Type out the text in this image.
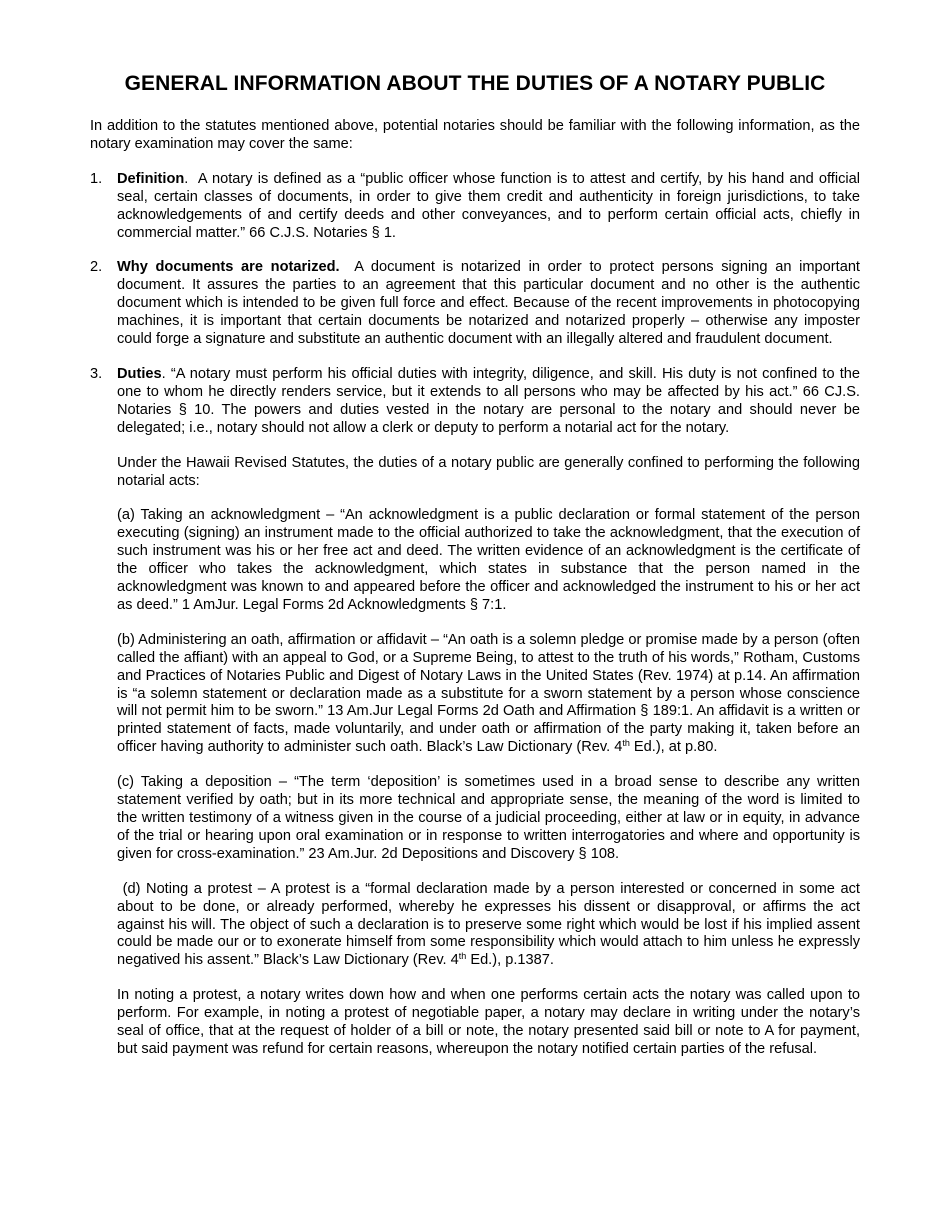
GENERAL INFORMATION ABOUT THE DUTIES OF A NOTARY PUBLIC

In addition to the statutes mentioned above, potential notaries should be familiar with the following information, as the notary examination may cover the same:

1. Definition. A notary is defined as a “public officer whose function is to attest and certify, by his hand and official seal, certain classes of documents, in order to give them credit and authenticity in foreign jurisdictions, to take acknowledgements of and certify deeds and other conveyances, and to perform certain official acts, chiefly in commercial matter.” 66 C.J.S. Notaries § 1.

2. Why documents are notarized. A document is notarized in order to protect persons signing an important document. It assures the parties to an agreement that this particular document and no other is the authentic document which is intended to be given full force and effect. Because of the recent improvements in photocopying machines, it is important that certain documents be notarized and notarized properly – otherwise any imposter could forge a signature and substitute an authentic document with an illegally altered and fraudulent document.

3. Duties. “A notary must perform his official duties with integrity, diligence, and skill. His duty is not confined to the one to whom he directly renders service, but it extends to all persons who may be affected by his act.” 66 CJ.S. Notaries § 10. The powers and duties vested in the notary are personal to the notary and should never be delegated; i.e., notary should not allow a clerk or deputy to perform a notarial act for the notary.

Under the Hawaii Revised Statutes, the duties of a notary public are generally confined to performing the following notarial acts:

(a) Taking an acknowledgment – “An acknowledgment is a public declaration or formal statement of the person executing (signing) an instrument made to the official authorized to take the acknowledgment, that the execution of such instrument was his or her free act and deed. The written evidence of an acknowledgment is the certificate of the officer who takes the acknowledgment, which states in substance that the person named in the acknowledgment was known to and appeared before the officer and acknowledged the instrument to his or her act as deed.” 1 AmJur. Legal Forms 2d Acknowledgments § 7:1.

(b) Administering an oath, affirmation or affidavit – “An oath is a solemn pledge or promise made by a person (often called the affiant) with an appeal to God, or a Supreme Being, to attest to the truth of his words,” Rotham, Customs and Practices of Notaries Public and Digest of Notary Laws in the United States (Rev. 1974) at p.14. An affirmation is “a solemn statement or declaration made as a substitute for a sworn statement by a person whose conscience will not permit him to be sworn.” 13 Am.Jur Legal Forms 2d Oath and Affirmation § 189:1. An affidavit is a written or printed statement of facts, made voluntarily, and under oath or affirmation of the party making it, taken before an officer having authority to administer such oath. Black’s Law Dictionary (Rev. 4th Ed.), at p.80.

(c) Taking a deposition – “The term ‘deposition’ is sometimes used in a broad sense to describe any written statement verified by oath; but in its more technical and appropriate sense, the meaning of the word is limited to the written testimony of a witness given in the course of a judicial proceeding, either at law or in equity, in advance of the trial or hearing upon oral examination or in response to written interrogatories and where and opportunity is given for cross-examination.” 23 Am.Jur. 2d Depositions and Discovery § 108.

(d) Noting a protest – A protest is a “formal declaration made by a person interested or concerned in some act about to be done, or already performed, whereby he expresses his dissent or disapproval, or affirms the act against his will. The object of such a declaration is to preserve some right which would be lost if his implied assent could be made our or to exonerate himself from some responsibility which would attach to him unless he expressly negatived his assent.” Black’s Law Dictionary (Rev. 4th Ed.), p.1387.

In noting a protest, a notary writes down how and when one performs certain acts the notary was called upon to perform. For example, in noting a protest of negotiable paper, a notary may declare in writing under the notary’s seal of office, that at the request of holder of a bill or note, the notary presented said bill or note to A for payment, but said payment was refund for certain reasons, whereupon the notary notified certain parties of the refusal.
